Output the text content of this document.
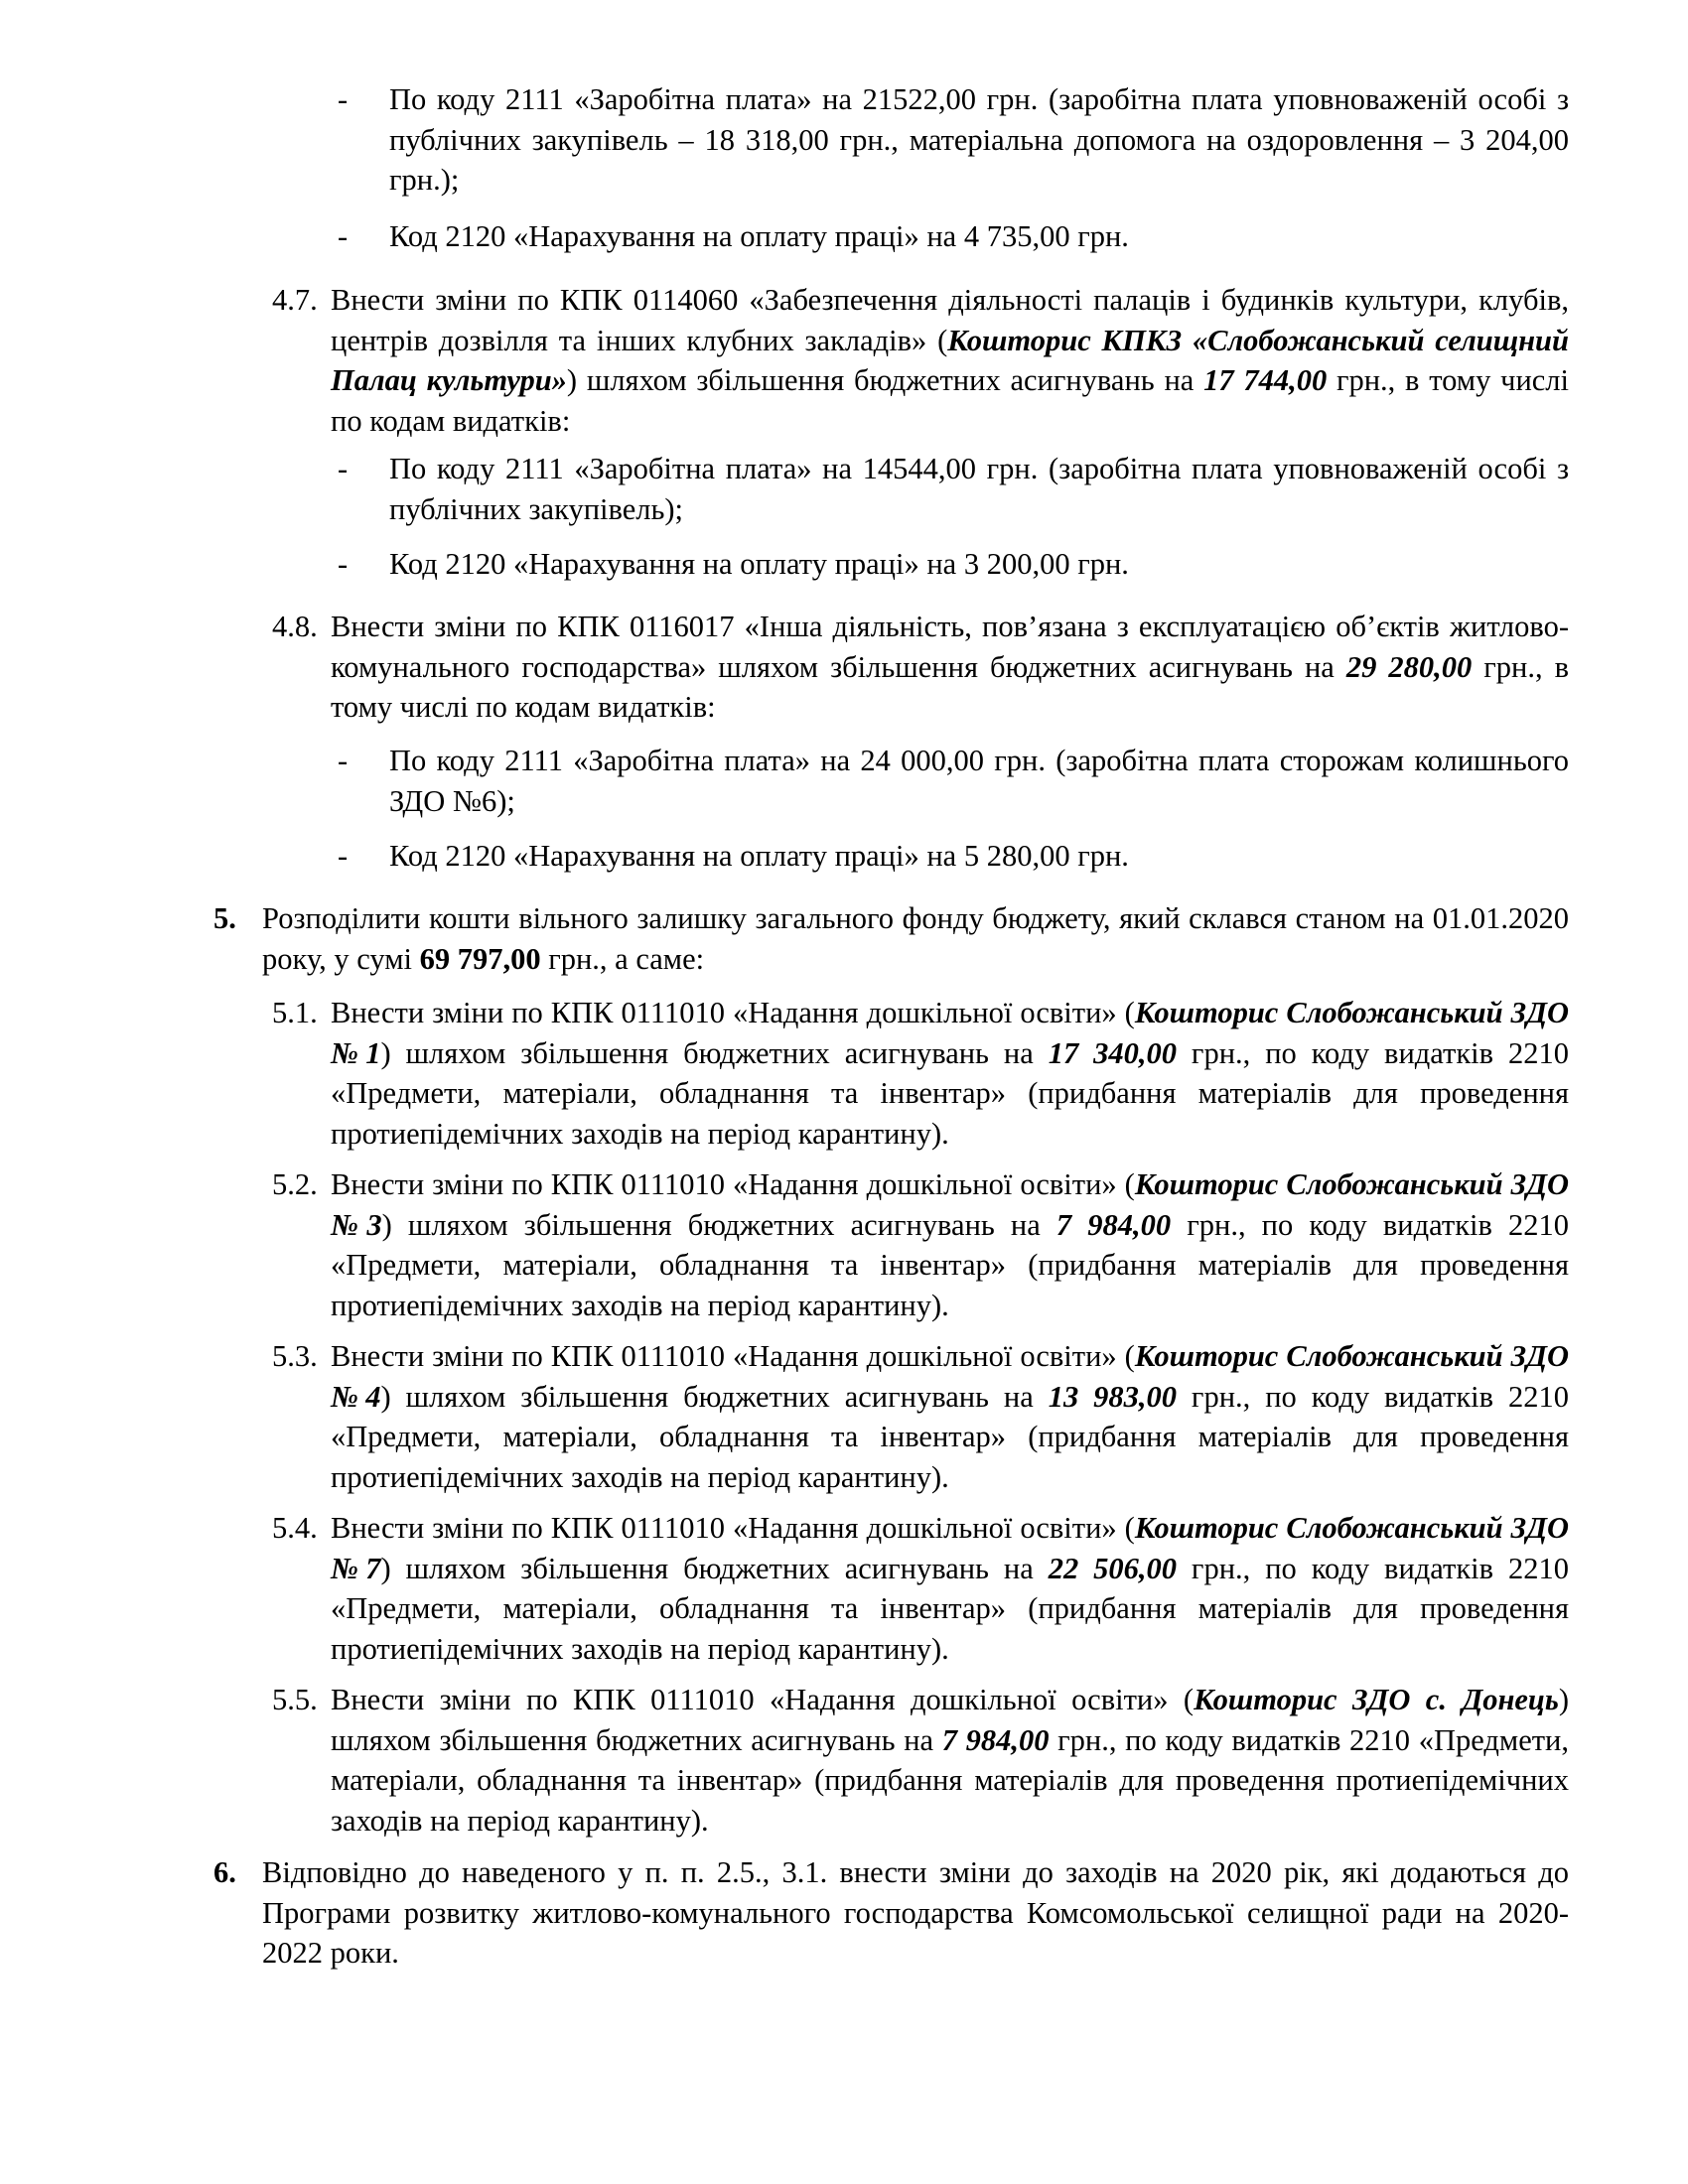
- По коду 2111 «Заробітна плата» на 21522,00 грн. (заробітна плата уповноваженій особі з публічних закупівель – 18 318,00 грн., матеріальна допомога на оздоровлення – 3 204,00 грн.);
- Код 2120 «Нарахування на оплату праці» на 4 735,00 грн.
4.7. Внести зміни по КПК 0114060 «Забезпечення діяльності палаців і будинків культури, клубів, центрів дозвілля та інших клубних закладів» (Кошторис КПКЗ «Слобожанський селищний Палац культури») шляхом збільшення бюджетних асигнувань на 17 744,00 грн., в тому числі по кодам видатків:
- По коду 2111 «Заробітна плата» на 14544,00 грн. (заробітна плата уповноваженій особі з публічних закупівель);
- Код 2120 «Нарахування на оплату праці» на 3 200,00 грн.
4.8. Внести зміни по КПК 0116017 «Інша діяльність, пов’язана з експлуатацією об’єктів житлово-комунального господарства» шляхом збільшення бюджетних асигнувань на 29 280,00 грн., в тому числі по кодам видатків:
- По коду 2111 «Заробітна плата» на 24 000,00 грн. (заробітна плата сторожам колишнього ЗДО №6);
- Код 2120 «Нарахування на оплату праці» на 5 280,00 грн.
5. Розподілити кошти вільного залишку загального фонду бюджету, який склався станом на 01.01.2020 року, у сумі 69 797,00 грн., а саме:
5.1. Внести зміни по КПК 0111010 «Надання дошкільної освіти» (Кошторис Слобожанський ЗДО №1) шляхом збільшення бюджетних асигнувань на 17 340,00 грн., по коду видатків 2210 «Предмети, матеріали, обладнання та інвентар» (придбання матеріалів для проведення протиепідемічних заходів на період карантину).
5.2. Внести зміни по КПК 0111010 «Надання дошкільної освіти» (Кошторис Слобожанський ЗДО №3) шляхом збільшення бюджетних асигнувань на 7 984,00 грн., по коду видатків 2210 «Предмети, матеріали, обладнання та інвентар» (придбання матеріалів для проведення протиепідемічних заходів на період карантину).
5.3. Внести зміни по КПК 0111010 «Надання дошкільної освіти» (Кошторис Слобожанський ЗДО №4) шляхом збільшення бюджетних асигнувань на 13 983,00 грн., по коду видатків 2210 «Предмети, матеріали, обладнання та інвентар» (придбання матеріалів для проведення протиепідемічних заходів на період карантину).
5.4. Внести зміни по КПК 0111010 «Надання дошкільної освіти» (Кошторис Слобожанський ЗДО №7) шляхом збільшення бюджетних асигнувань на 22 506,00 грн., по коду видатків 2210 «Предмети, матеріали, обладнання та інвентар» (придбання матеріалів для проведення протиепідемічних заходів на період карантину).
5.5. Внести зміни по КПК 0111010 «Надання дошкільної освіти» (Кошторис ЗДО с. Донець) шляхом збільшення бюджетних асигнувань на 7 984,00 грн., по коду видатків 2210 «Предмети, матеріали, обладнання та інвентар» (придбання матеріалів для проведення протиепідемічних заходів на період карантину).
6. Відповідно до наведеного у п. п. 2.5., 3.1. внести зміни до заходів на 2020 рік, які додаються до Програми розвитку житлово-комунального господарства Комсомольської селищної ради на 2020-2022 роки.
